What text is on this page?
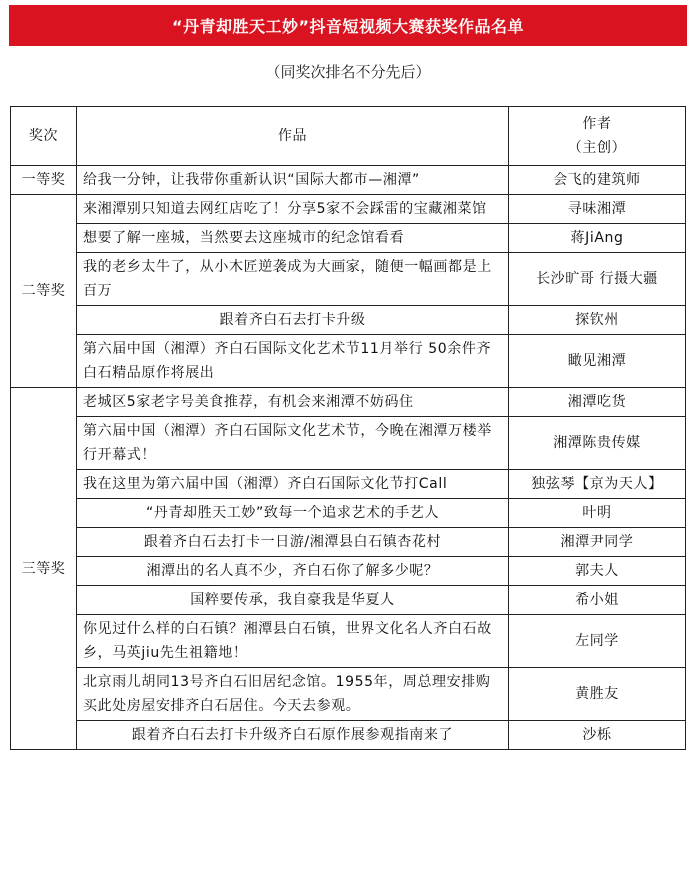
“丹青却胜天工妙”抖音短视频大赛获奖作品名单
（同奖次排名不分先后）
奖次	作品	作者
（主创）
一等奖	给我一分钟，让我带你重新认识“国际大都市—湘潭”	会飞的建筑师
二等奖	来湘潭别只知道去网红店吃了！分享5家不会踩雷的宝藏湘菜馆	寻味湘潭
	想要了解一座城，当然要去这座城市的纪念馆看看	蒋JiAng
	我的老乡太牛了，从小木匠逆袭成为大画家，随便一幅画都是上百万	长沙旷哥 行摄大疆
	跟着齐白石去打卡升级	探钦州
	第六届中国（湘潭）齐白石国际文化艺术节11月举行 50余件齐白石精品原作将展出	瞰见湘潭
三等奖	老城区5家老字号美食推荐，有机会来湘潭不妨码住	湘潭吃货
	第六届中国（湘潭）齐白石国际文化艺术节，今晚在湘潭万楼举行开幕式！	湘潭陈贵传媒
	我在这里为第六届中国（湘潭）齐白石国际文化节打Call	独弦琴【京为天人】
	“丹青却胜天工妙”致每一个追求艺术的手艺人	叶明
	跟着齐白石去打卡一日游/湘潭县白石镇杏花村	湘潭尹同学
	湘潭出的名人真不少，齐白石你了解多少呢？	郭夫人
	国粹要传承，我自豪我是华夏人	希小姐
	你见过什么样的白石镇？湘潭县白石镇，世界文化名人齐白石故乡，马英jiu先生祖籍地！	左同学
	北京雨儿胡同13号齐白石旧居纪念馆。1955年，周总理安排购买此处房屋安排齐白石居住。今天去参观。	黄胜友
	跟着齐白石去打卡升级齐白石原作展参观指南来了	沙栎
